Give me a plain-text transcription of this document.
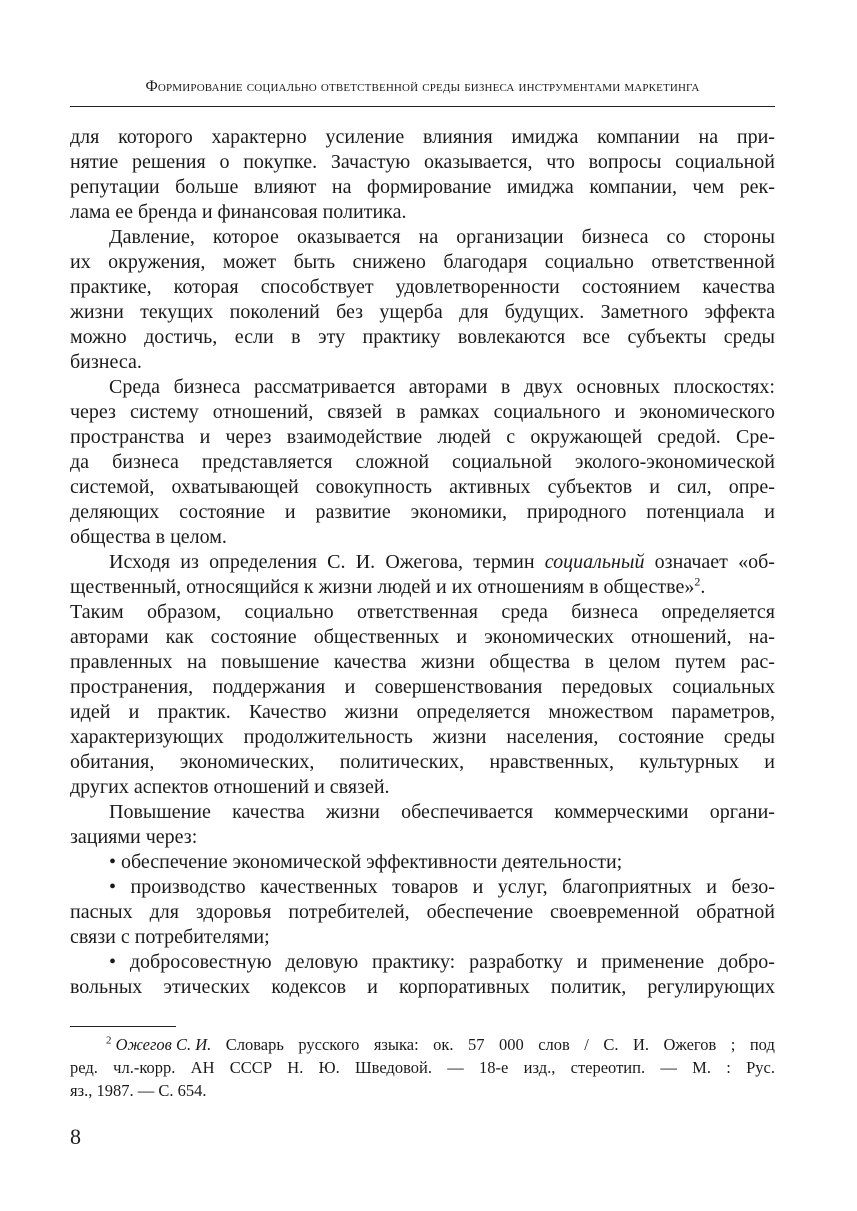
Формирование социально ответственной среды бизнеса инструментами маркетинга
для которого характерно усиление влияния имиджа компании на при-
нятие решения о покупке. Зачастую оказывается, что вопросы социальной
репутации больше влияют на формирование имиджа компании, чем рек-
лама ее бренда и финансовая политика.
Давление, которое оказывается на организации бизнеса со стороны
их окружения, может быть снижено благодаря социально ответственной
практике, которая способствует удовлетворенности состоянием качества
жизни текущих поколений без ущерба для будущих. Заметного эффекта
можно достичь, если в эту практику вовлекаются все субъекты среды
бизнеса.
Среда бизнеса рассматривается авторами в двух основных плоскостях:
через систему отношений, связей в рамках социального и экономического
пространства и через взаимодействие людей с окружающей средой. Сре-
да бизнеса представляется сложной социальной эколого-экономической
системой, охватывающей совокупность активных субъектов и сил, опре-
деляющих состояние и развитие экономики, природного потенциала и
общества в целом.
Исходя из определения С. И. Ожегова, термин социальный означает «об-
щественный, относящийся к жизни людей и их отношениям в обществе»$^2$.
Таким образом, социально ответственная среда бизнеса определяется
авторами как состояние общественных и экономических отношений, на-
правленных на повышение качества жизни общества в целом путем рас-
пространения, поддержания и совершенствования передовых социальных
идей и практик. Качество жизни определяется множеством параметров,
характеризующих продолжительность жизни населения, состояние среды
обитания, экономических, политических, нравственных, культурных и
других аспектов отношений и связей.
Повышение качества жизни обеспечивается коммерческими органи-
зациями через:
• обеспечение экономической эффективности деятельности;
• производство качественных товаров и услуг, благоприятных и безо-
пасных для здоровья потребителей, обеспечение своевременной обратной
связи с потребителями;
• добросовестную деловую практику: разработку и применение добро-
вольных этических кодексов и корпоративных политик, регулирующих
$^2$ Ожегов С. И. Словарь русского языка: ок. 57 000 слов / С. И. Ожегов ; под
ред. чл.-корр. АН СССР Н. Ю. Шведовой. — 18-е изд., стереотип. — М. : Рус.
яз., 1987. — С. 654.
8
